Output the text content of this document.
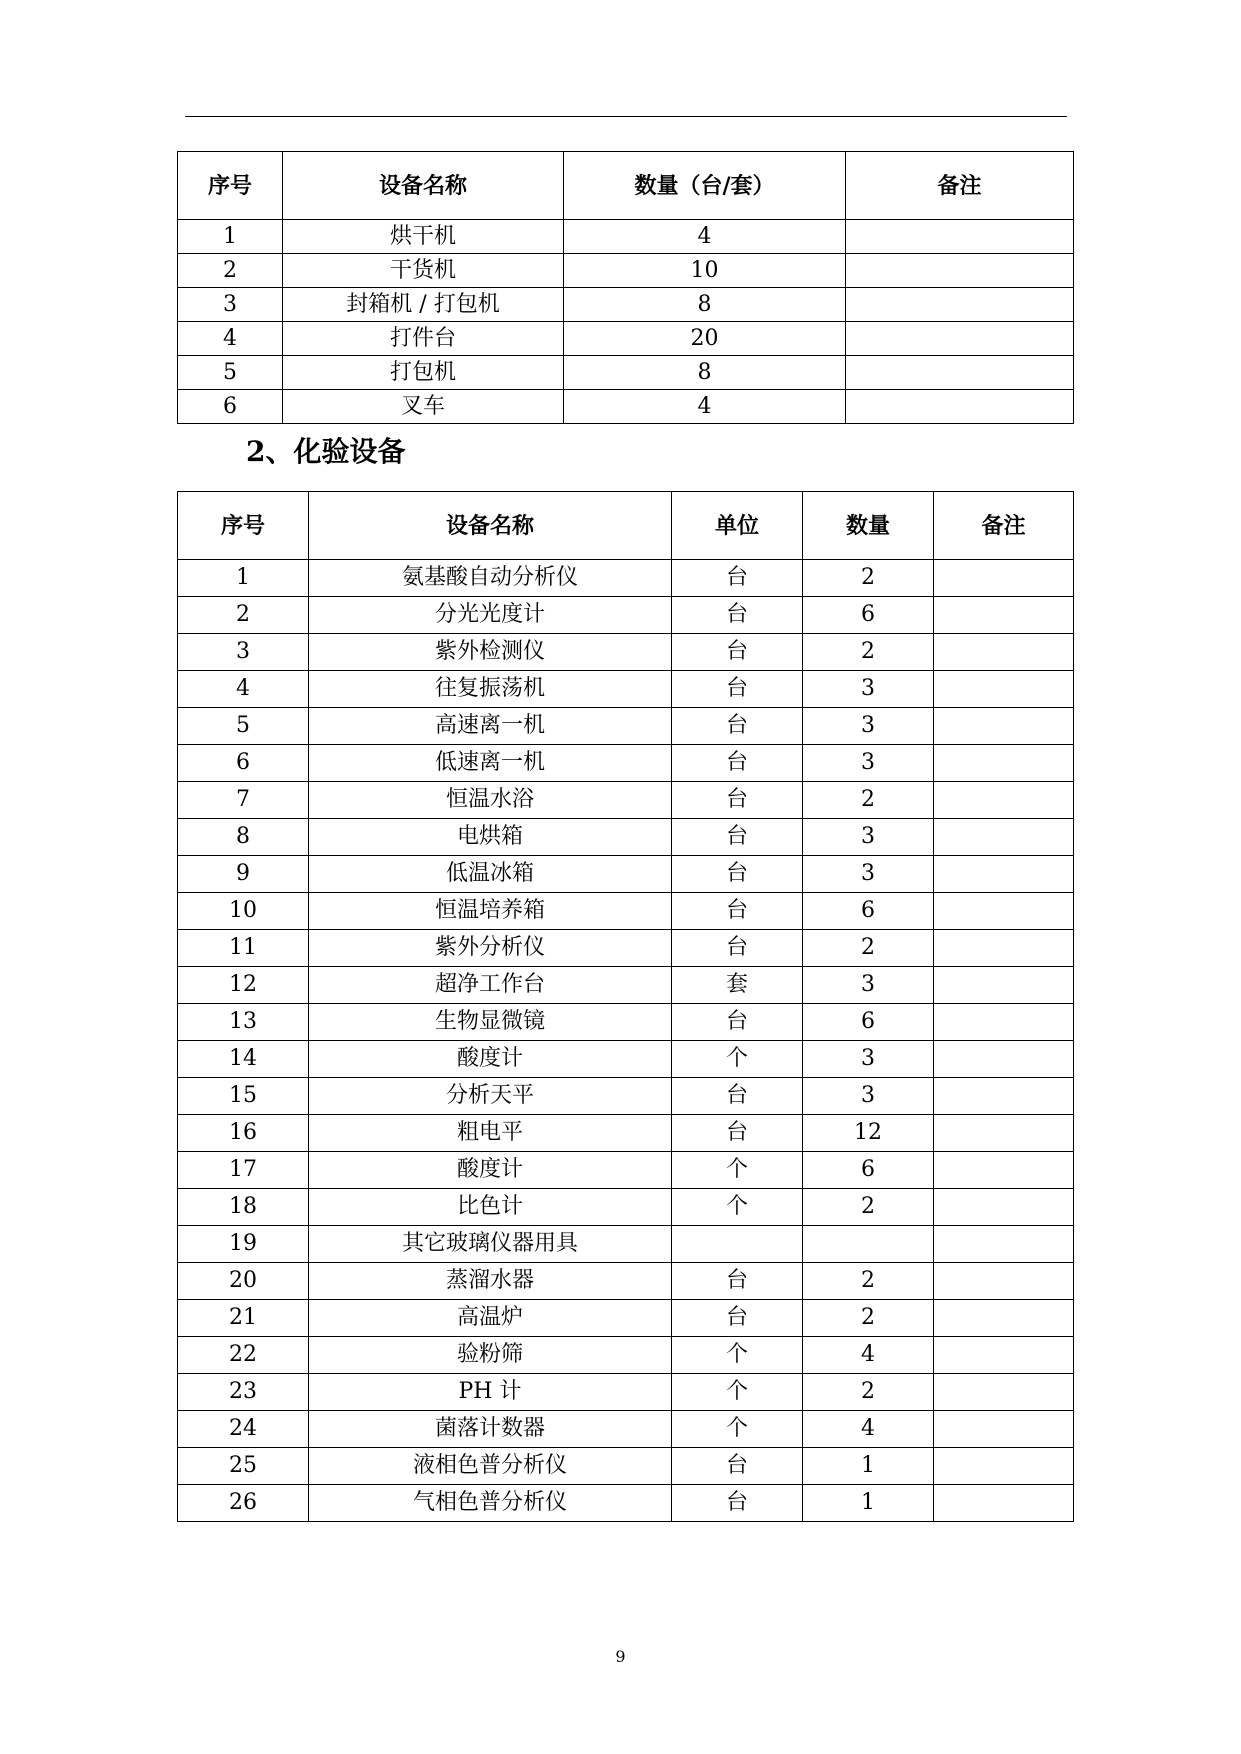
序号	设备名称	数量（台/套）	备注
1	烘干机	4	
2	干货机	10	
3	封箱机 / 打包机	8	
4	打件台	20	
5	打包机	8	
6	叉车	4	
2、化验设备
序号	设备名称	单位	数量	备注
1	氨基酸自动分析仪	台	2	
2	分光光度计	台	6	
3	紫外检测仪	台	2	
4	往复振荡机	台	3	
5	高速离一机	台	3	
6	低速离一机	台	3	
7	恒温水浴	台	2	
8	电烘箱	台	3	
9	低温冰箱	台	3	
10	恒温培养箱	台	6	
11	紫外分析仪	台	2	
12	超净工作台	套	3	
13	生物显微镜	台	6	
14	酸度计	个	3	
15	分析天平	台	3	
16	粗电平	台	12	
17	酸度计	个	6	
18	比色计	个	2	
19	其它玻璃仪器用具			
20	蒸溜水器	台	2	
21	高温炉	台	2	
22	验粉筛	个	4	
23	PH 计	个	2	
24	菌落计数器	个	4	
25	液相色普分析仪	台	1	
26	气相色普分析仪	台	1	
9
